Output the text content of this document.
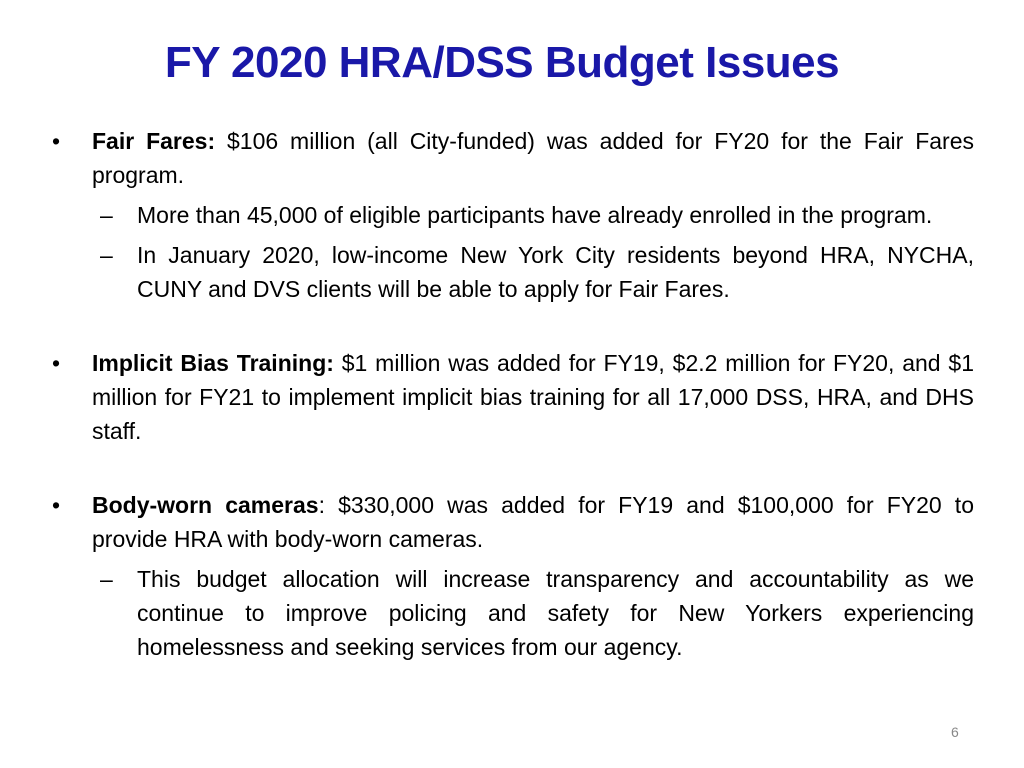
FY 2020 HRA/DSS Budget Issues
• Fair Fares: $106 million (all City-funded) was added for FY20 for the Fair Fares program.
– More than 45,000 of eligible participants have already enrolled in the program.
– In January 2020, low-income New York City residents beyond HRA, NYCHA, CUNY and DVS clients will be able to apply for Fair Fares.
• Implicit Bias Training: $1 million was added for FY19, $2.2 million for FY20, and $1 million for FY21 to implement implicit bias training for all 17,000 DSS, HRA, and DHS staff.
• Body-worn cameras: $330,000 was added for FY19 and $100,000 for FY20 to provide HRA with body-worn cameras.
– This budget allocation will increase transparency and accountability as we continue to improve policing and safety for New Yorkers experiencing homelessness and seeking services from our agency.
6
